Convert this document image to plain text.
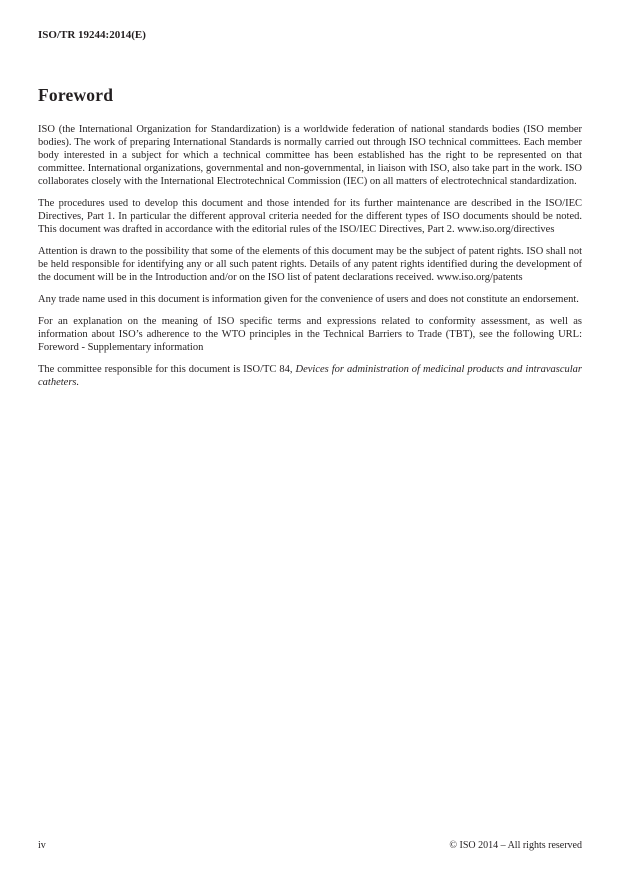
ISO/TR 19244:2014(E)
Foreword

ISO (the International Organization for Standardization) is a worldwide federation of national standards bodies (ISO member bodies). The work of preparing International Standards is normally carried out through ISO technical committees. Each member body interested in a subject for which a technical committee has been established has the right to be represented on that committee. International organizations, governmental and non-governmental, in liaison with ISO, also take part in the work. ISO collaborates closely with the International Electrotechnical Commission (IEC) on all matters of electrotechnical standardization.

The procedures used to develop this document and those intended for its further maintenance are described in the ISO/IEC Directives, Part 1. In particular the different approval criteria needed for the different types of ISO documents should be noted. This document was drafted in accordance with the editorial rules of the ISO/IEC Directives, Part 2. www.iso.org/directives

Attention is drawn to the possibility that some of the elements of this document may be the subject of patent rights. ISO shall not be held responsible for identifying any or all such patent rights. Details of any patent rights identified during the development of the document will be in the Introduction and/or on the ISO list of patent declarations received. www.iso.org/patents

Any trade name used in this document is information given for the convenience of users and does not constitute an endorsement.

For an explanation on the meaning of ISO specific terms and expressions related to conformity assessment, as well as information about ISO’s adherence to the WTO principles in the Technical Barriers to Trade (TBT), see the following URL: Foreword - Supplementary information

The committee responsible for this document is ISO/TC 84, Devices for administration of medicinal products and intravascular catheters.

iv	© ISO 2014 – All rights reserved
